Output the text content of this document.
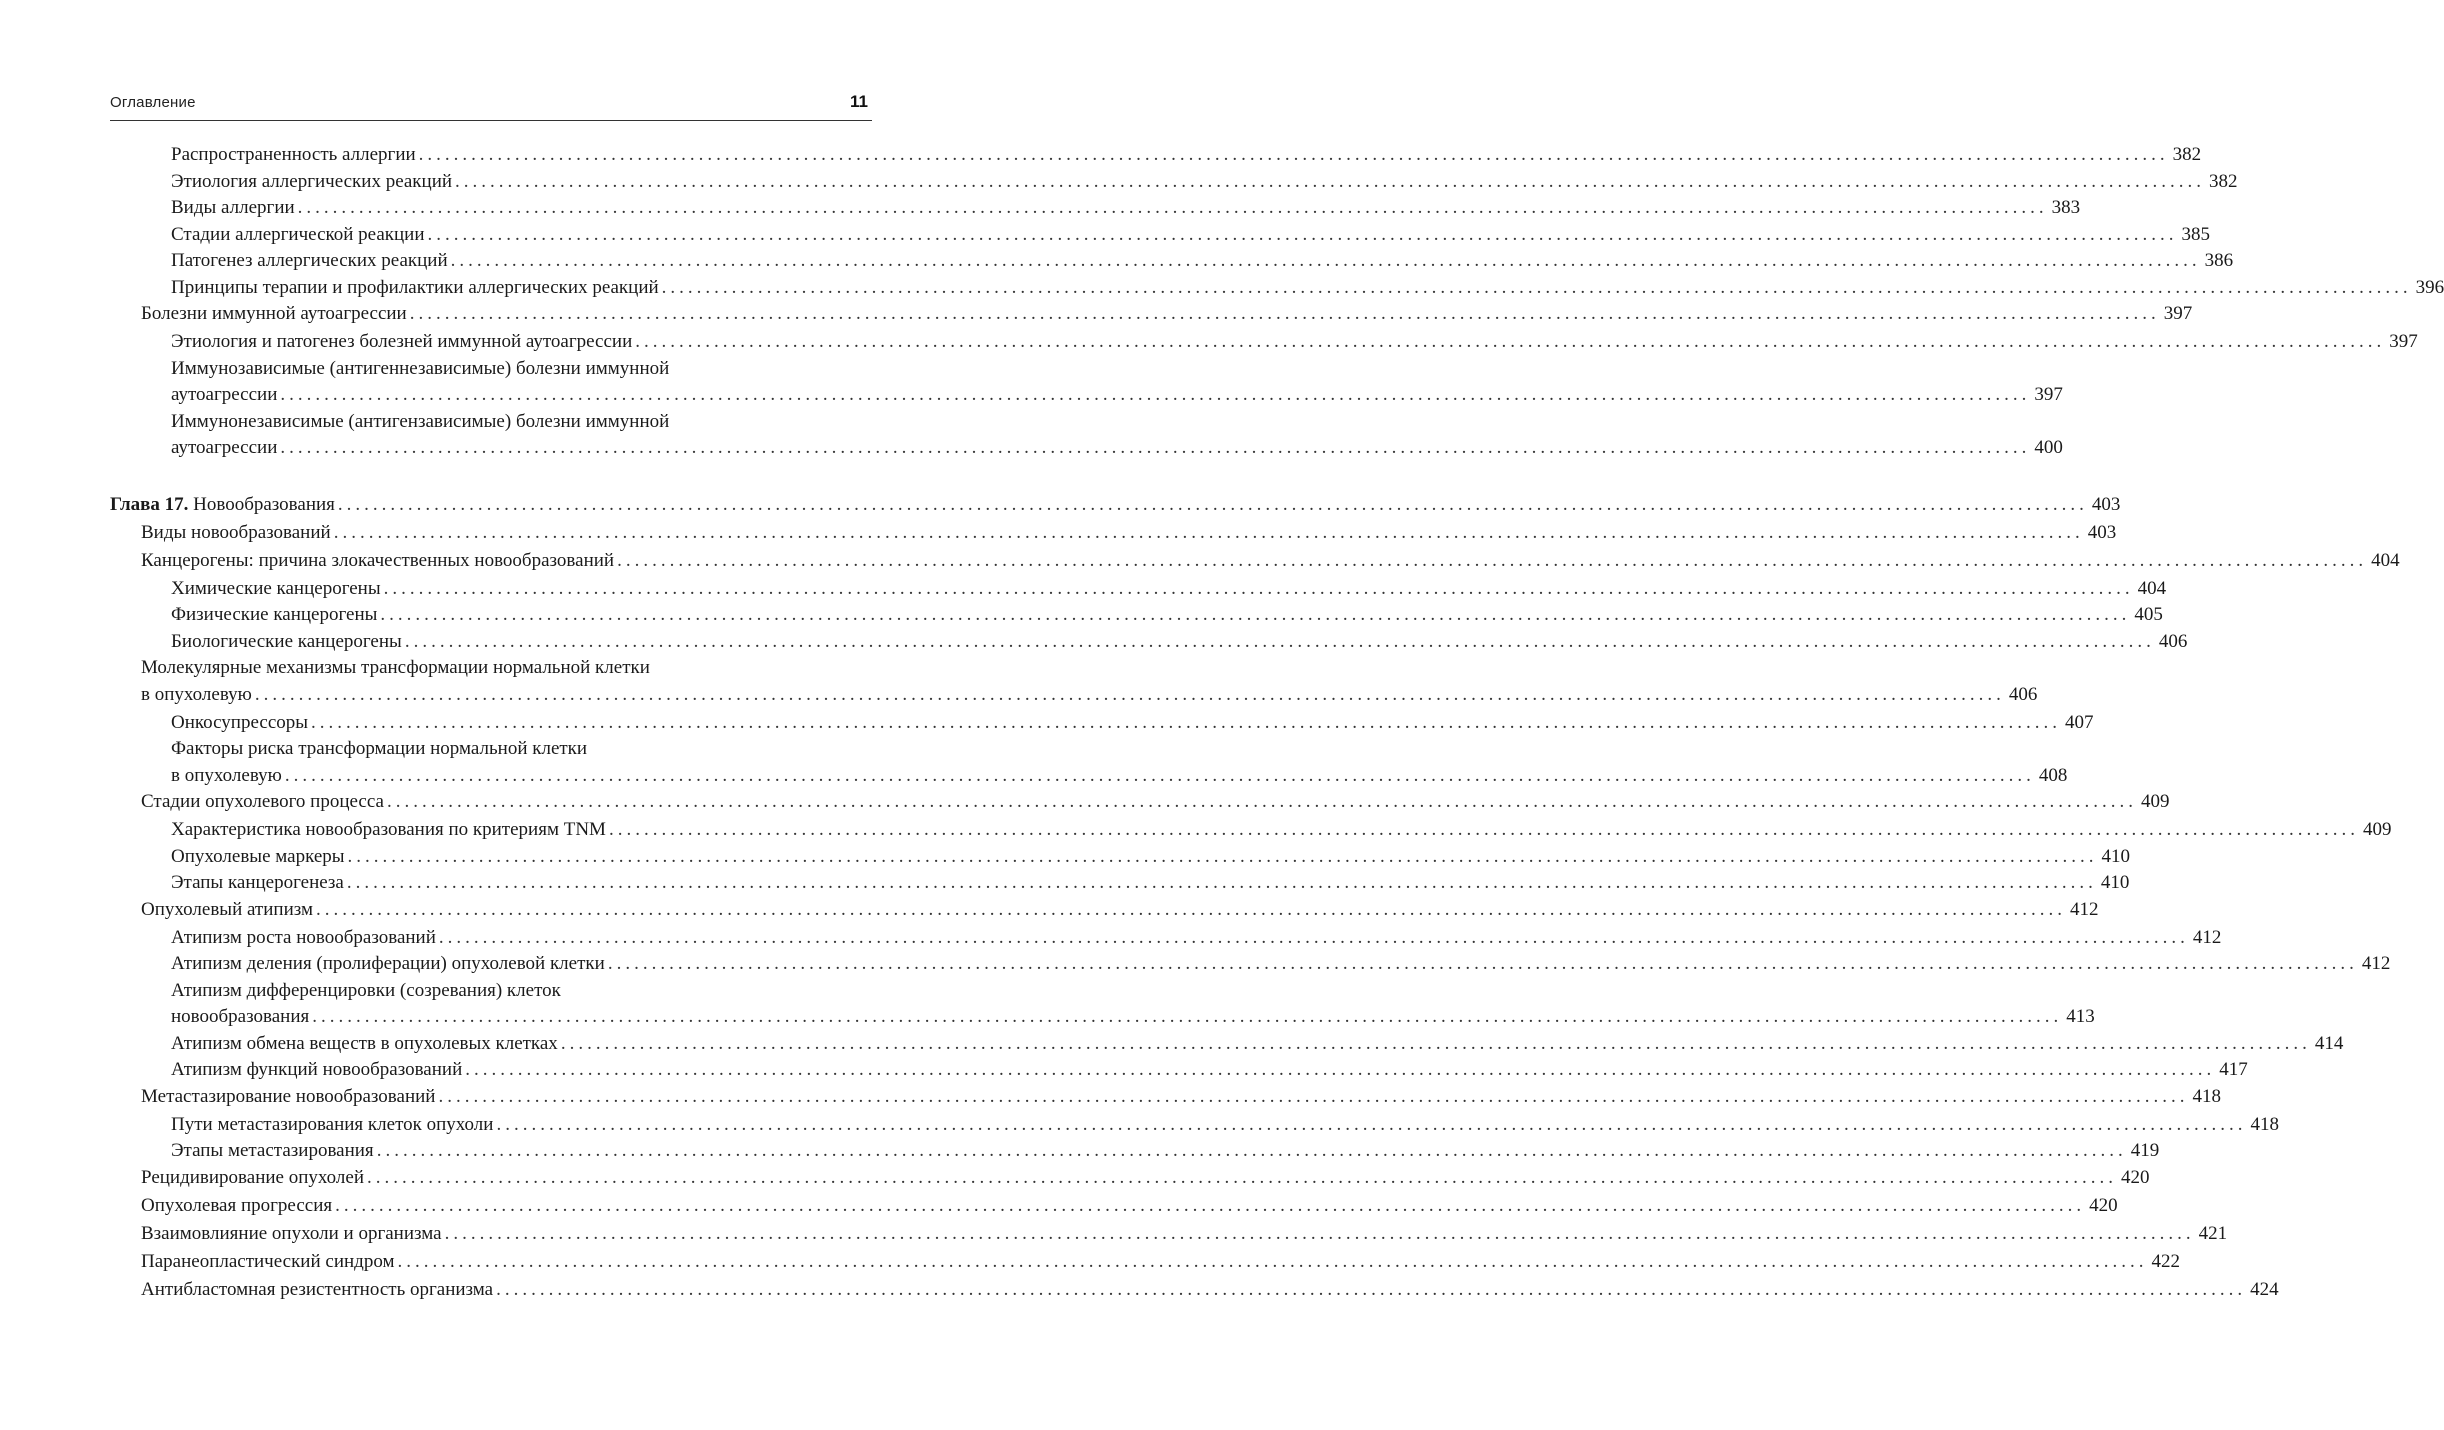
Оглавление	11
Распространенность аллергии ........................................................................................................................................................................................................ 382
Этиология аллергических реакций ........................................................................................................................................................................................................ 382
Виды аллергии ........................................................................................................................................................................................................ 383
Стадии аллергической реакции ........................................................................................................................................................................................................ 385
Патогенез аллергических реакций ........................................................................................................................................................................................................ 386
Принципы терапии и профилактики аллергических реакций ........................................................................................................................................................................................................ 396
Болезни иммунной аутоагрессии ........................................................................................................................................................................................................ 397
Этиология и патогенез болезней иммунной аутоагрессии ........................................................................................................................................................................................................ 397
Иммунозависимые (антигеннезависимые) болезни иммунной
аутоагрессии ........................................................................................................................................................................................................ 397
Иммунонезависимые (антигензависимые) болезни иммунной
аутоагрессии ........................................................................................................................................................................................................ 400
Глава 17. Новообразования ........................................................................................................................................................................................................ 403
Виды новообразований ........................................................................................................................................................................................................ 403
Канцерогены: причина злокачественных новообразований ........................................................................................................................................................................................................ 404
Химические канцерогены ........................................................................................................................................................................................................ 404
Физические канцерогены ........................................................................................................................................................................................................ 405
Биологические канцерогены ........................................................................................................................................................................................................ 406
Молекулярные механизмы трансформации нормальной клетки
в опухолевую ........................................................................................................................................................................................................ 406
Онкосупрессоры ........................................................................................................................................................................................................ 407
Факторы риска трансформации нормальной клетки
в опухолевую ........................................................................................................................................................................................................ 408
Стадии опухолевого процесса ........................................................................................................................................................................................................ 409
Характеристика новообразования по критериям TNM ........................................................................................................................................................................................................ 409
Опухолевые маркеры ........................................................................................................................................................................................................ 410
Этапы канцерогенеза ........................................................................................................................................................................................................ 410
Опухолевый атипизм ........................................................................................................................................................................................................ 412
Атипизм роста новообразований ........................................................................................................................................................................................................ 412
Атипизм деления (пролиферации) опухолевой клетки ........................................................................................................................................................................................................ 412
Атипизм дифференцировки (созревания) клеток
новообразования ........................................................................................................................................................................................................ 413
Атипизм обмена веществ в опухолевых клетках ........................................................................................................................................................................................................ 414
Атипизм функций новообразований ........................................................................................................................................................................................................ 417
Метастазирование новообразований ........................................................................................................................................................................................................ 418
Пути метастазирования клеток опухоли ........................................................................................................................................................................................................ 418
Этапы метастазирования ........................................................................................................................................................................................................ 419
Рецидивирование опухолей ........................................................................................................................................................................................................ 420
Опухолевая прогрессия ........................................................................................................................................................................................................ 420
Взаимовлияние опухоли и организма ........................................................................................................................................................................................................ 421
Паранеопластический синдром ........................................................................................................................................................................................................ 422
Антибластомная резистентность организма ........................................................................................................................................................................................................ 424
